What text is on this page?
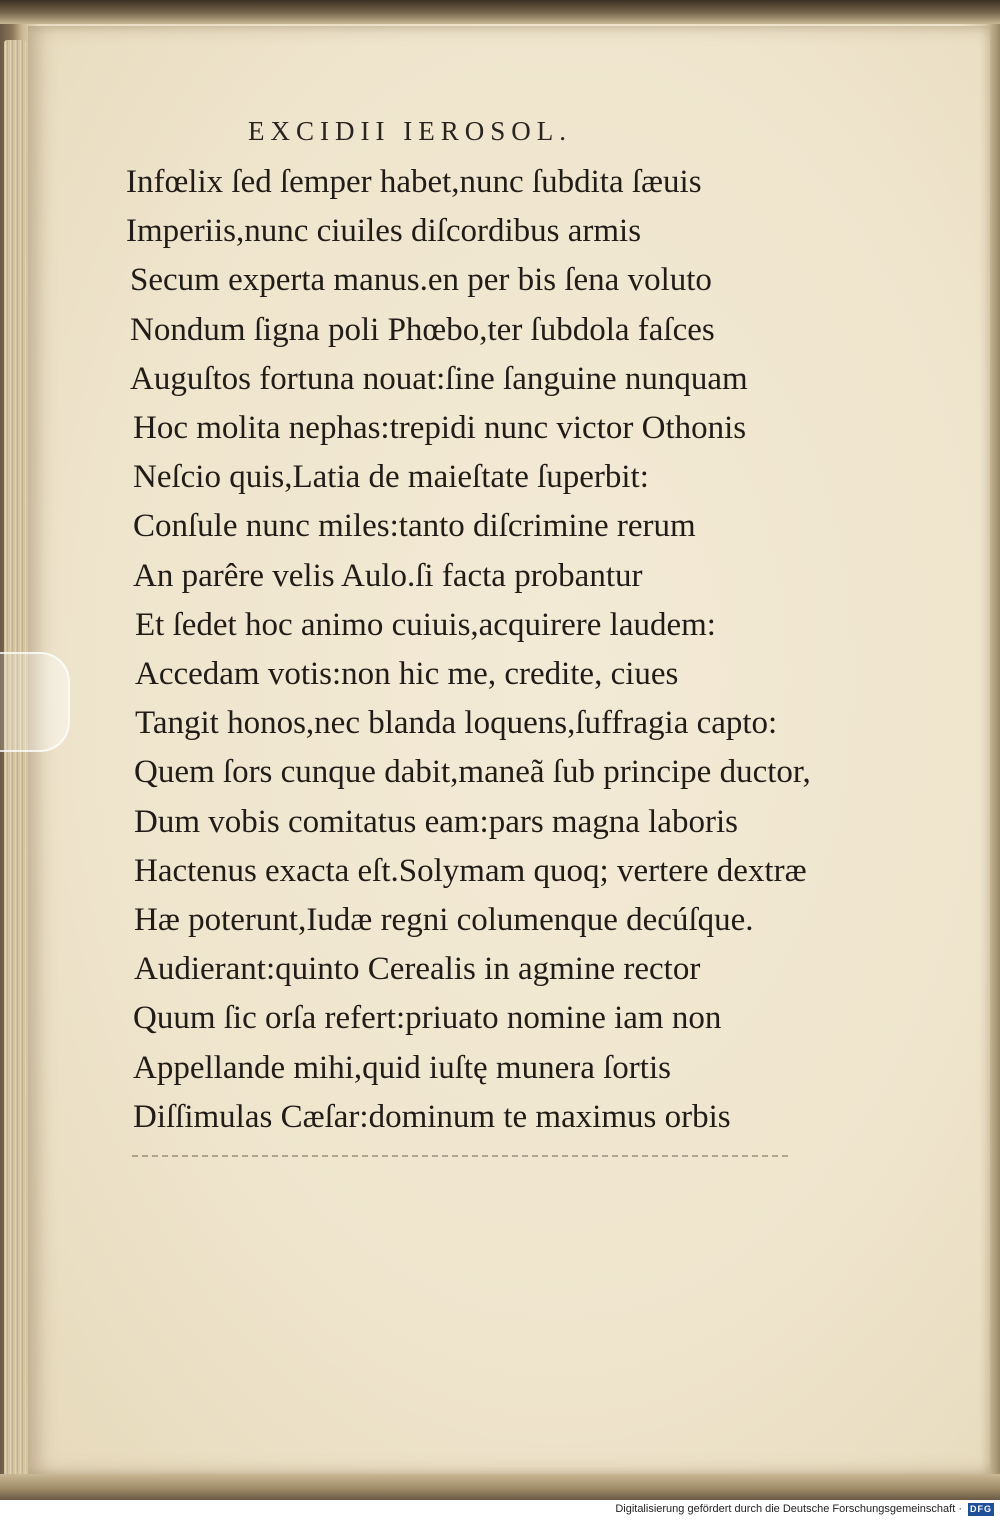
EXCIDII IEROSOL.
Infœlix ſed ſemper habet,nunc ſubdita ſæuis
Imperiis,nunc ciuiles diſcordibus armis
Secum experta manus.en per bis ſena voluto
Nondum ſigna poli Phœbo,ter ſubdola faſces
Auguſtos fortuna nouat:ſine ſanguine nunquam
Hoc molita nephas:trepidi nunc victor Othonis
Neſcio quis,Latia de maieſtate ſuperbit:
Conſule nunc miles:tanto diſcrimine rerum
An parêre velis Aulo.ſi facta probantur
Et ſedet hoc animo cuiuis,acquirere laudem:
Accedam votis:non hic me, credite, ciues
Tangit honos,nec blanda loquens,ſuffragia capto:
Quem ſors cunque dabit,maneã ſub principe ductor,
Dum vobis comitatus eam:pars magna laboris
Hactenus exacta eſt.Solymam quoq; vertere dextræ
Hæ poterunt,Iudæ regni columenque decúſque.
Audierant:quinto Cerealis in agmine rector
Quum ſic orſa refert:priuato nomine iam non
Appellande mihi,quid iuſtę munera ſortis
Diſſimulas Cæſar:dominum te maximus orbis
Digitalisierung gefördert durch die Deutsche Forschungsgemeinschaft · DFG
